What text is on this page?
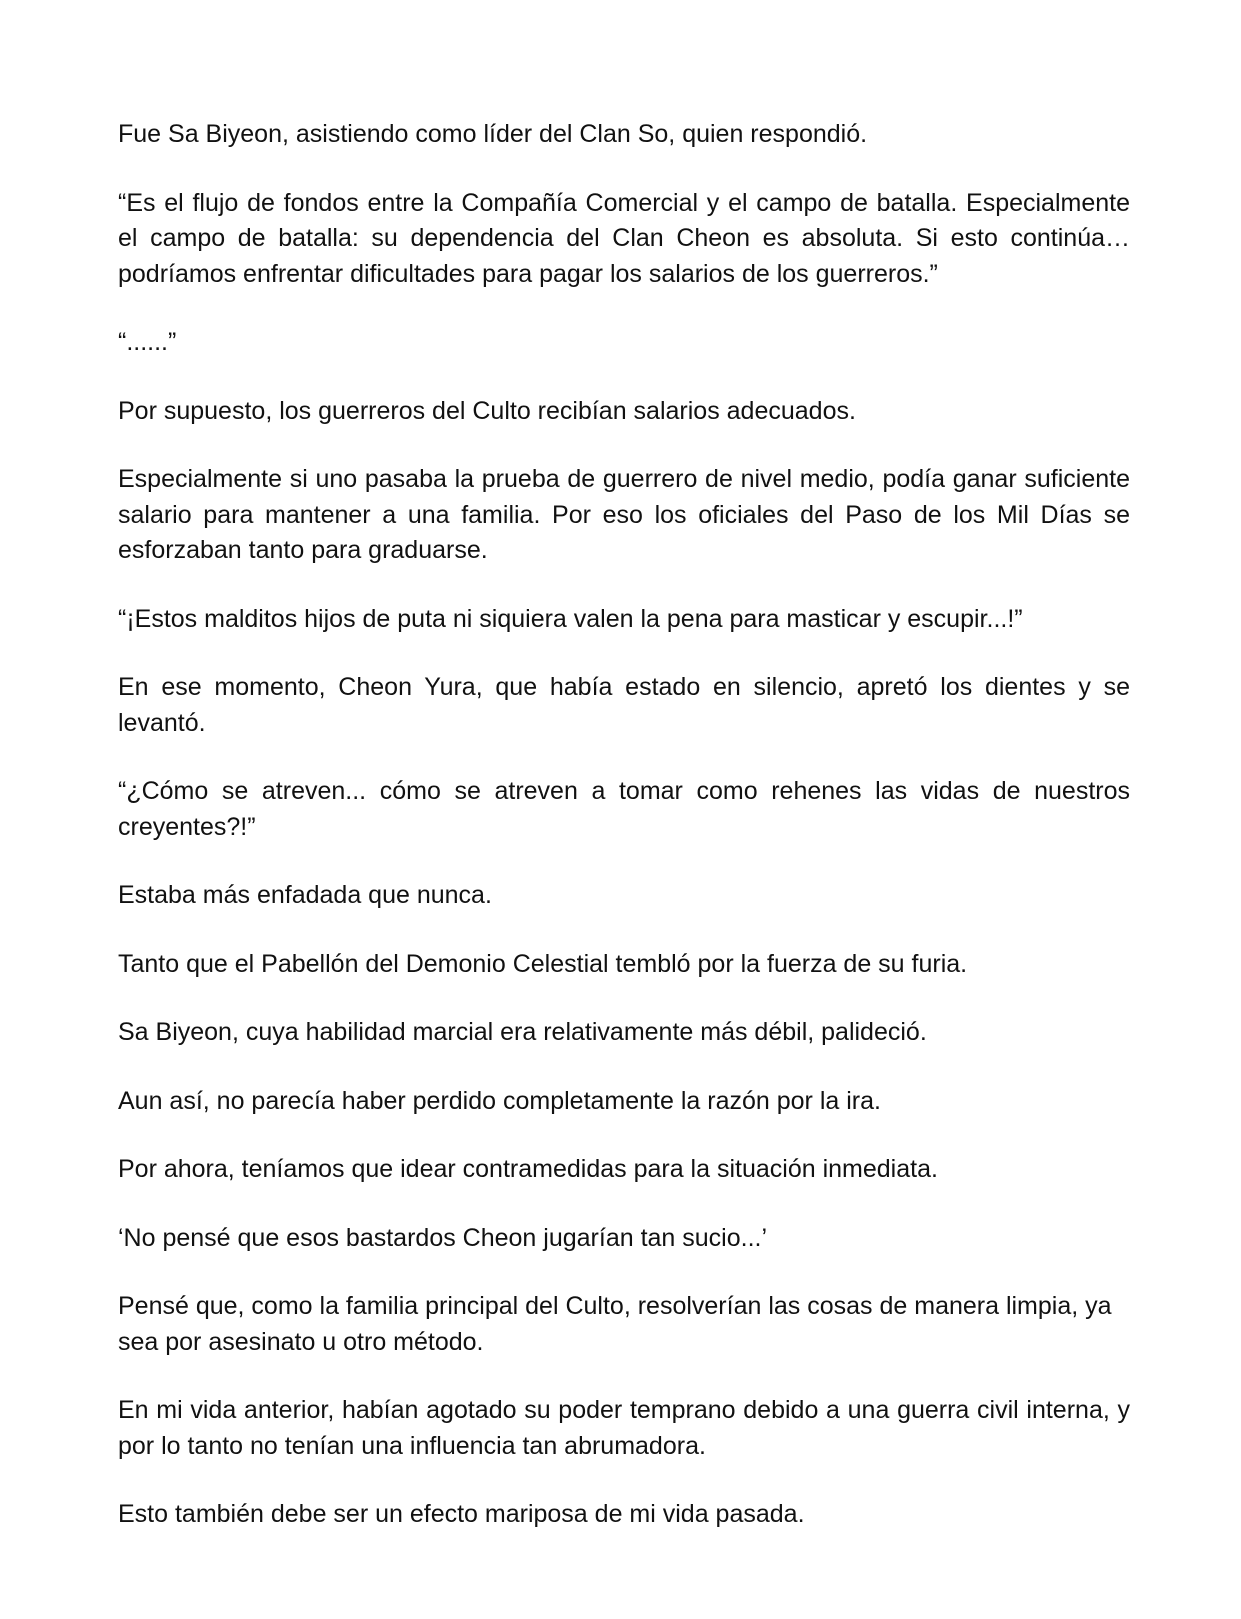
Fue Sa Biyeon, asistiendo como líder del Clan So, quien respondió.

“Es el flujo de fondos entre la Compañía Comercial y el campo de batalla. Especialmente el campo de batalla: su dependencia del Clan Cheon es absoluta. Si esto continúa… podríamos enfrentar dificultades para pagar los salarios de los guerreros.”

“......”

Por supuesto, los guerreros del Culto recibían salarios adecuados.

Especialmente si uno pasaba la prueba de guerrero de nivel medio, podía ganar suficiente salario para mantener a una familia. Por eso los oficiales del Paso de los Mil Días se esforzaban tanto para graduarse.

“¡Estos malditos hijos de puta ni siquiera valen la pena para masticar y escupir...!”

En ese momento, Cheon Yura, que había estado en silencio, apretó los dientes y se levantó.

“¿Cómo se atreven... cómo se atreven a tomar como rehenes las vidas de nuestros creyentes?!”

Estaba más enfadada que nunca.

Tanto que el Pabellón del Demonio Celestial tembló por la fuerza de su furia.

Sa Biyeon, cuya habilidad marcial era relativamente más débil, palideció.

Aun así, no parecía haber perdido completamente la razón por la ira.

Por ahora, teníamos que idear contramedidas para la situación inmediata.

‘No pensé que esos bastardos Cheon jugarían tan sucio...’

Pensé que, como la familia principal del Culto, resolverían las cosas de manera limpia, ya sea por asesinato u otro método.

En mi vida anterior, habían agotado su poder temprano debido a una guerra civil interna, y por lo tanto no tenían una influencia tan abrumadora.

Esto también debe ser un efecto mariposa de mi vida pasada.
